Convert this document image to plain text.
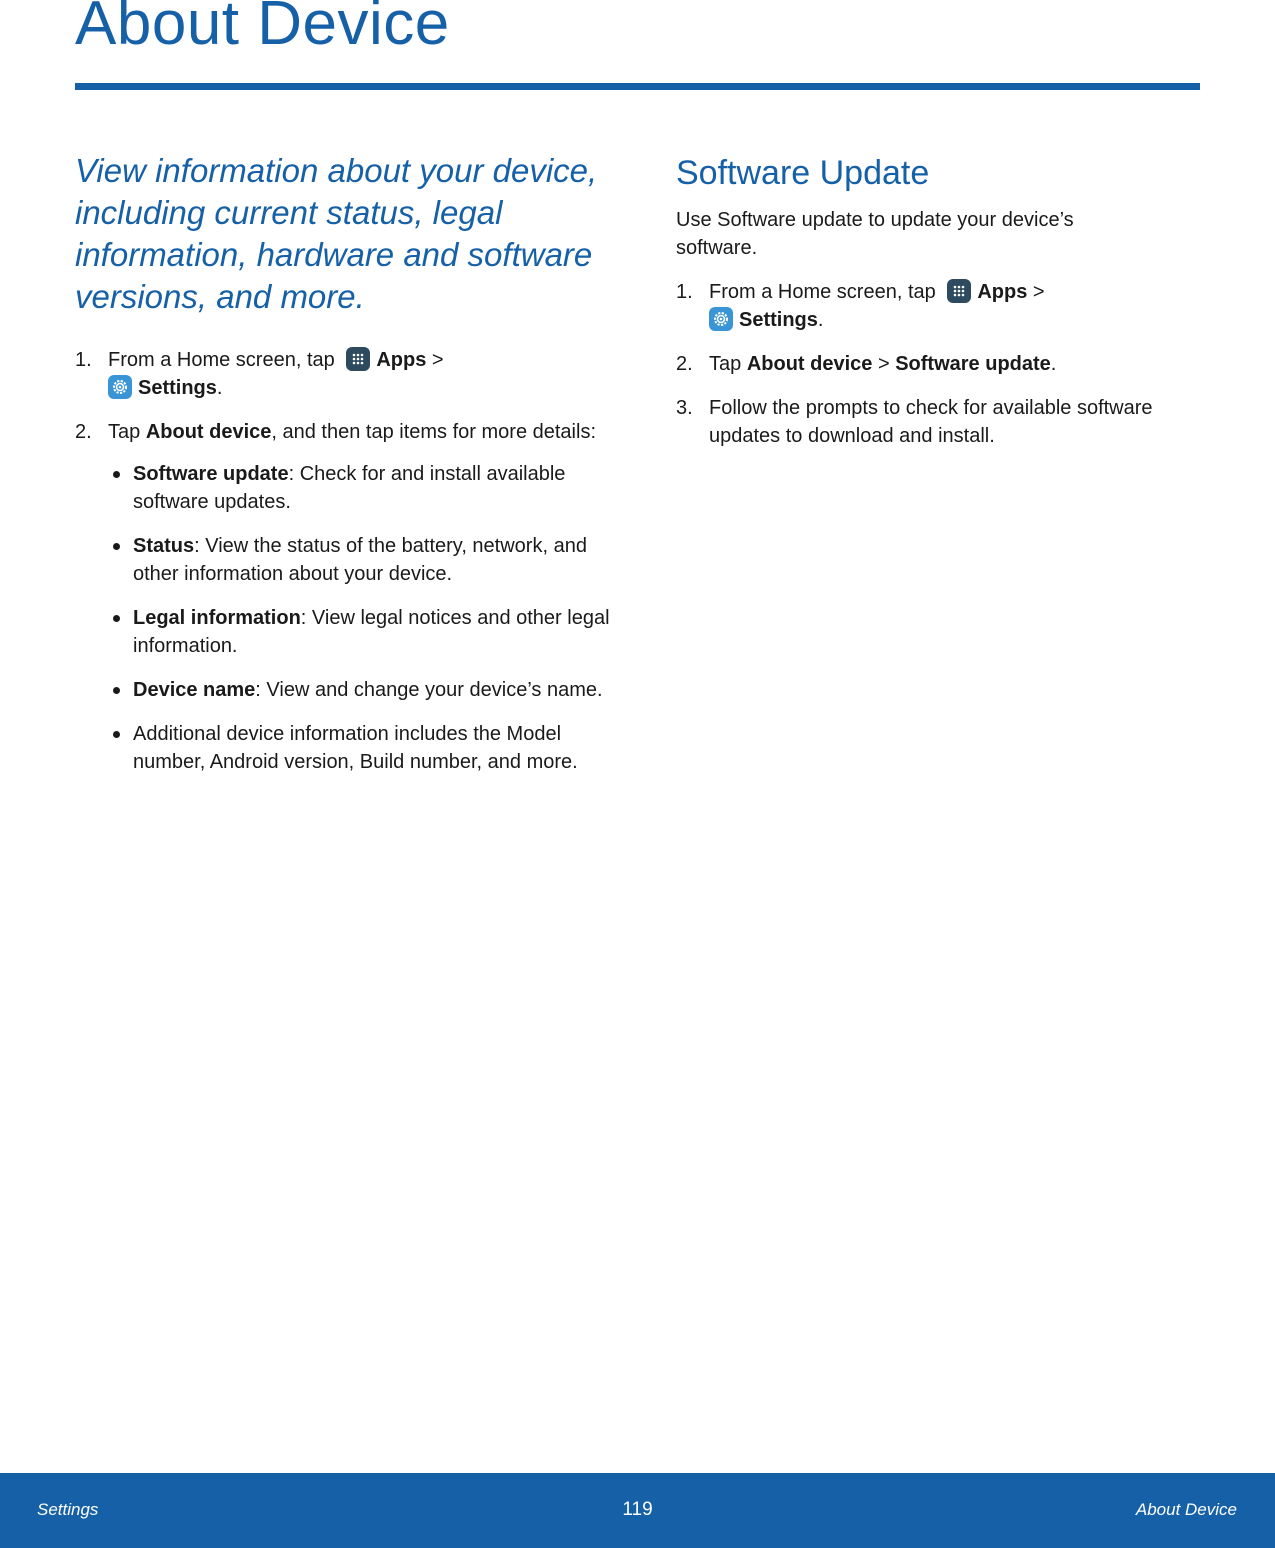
About Device

View information about your device, including current status, legal information, hardware and software versions, and more.

1. From a Home screen, tap Apps >

Settings.
2. Tap About device, and then tap items for more details:
Software update: Check for and install available software updates.
Status: View the status of the battery, network, and other information about your device.
Legal information: View legal notices and other legal information.
Device name: View and change your device’s name.
Additional device information includes the Model number, Android version, Build number, and more.
Software Update

Use Software update to update your device’s software.

1. From a Home screen, tap Apps >

Settings.
2. Tap About device > Software update.
3. Follow the prompts to check for available software updates to download and install.
Settings	119	About Device
